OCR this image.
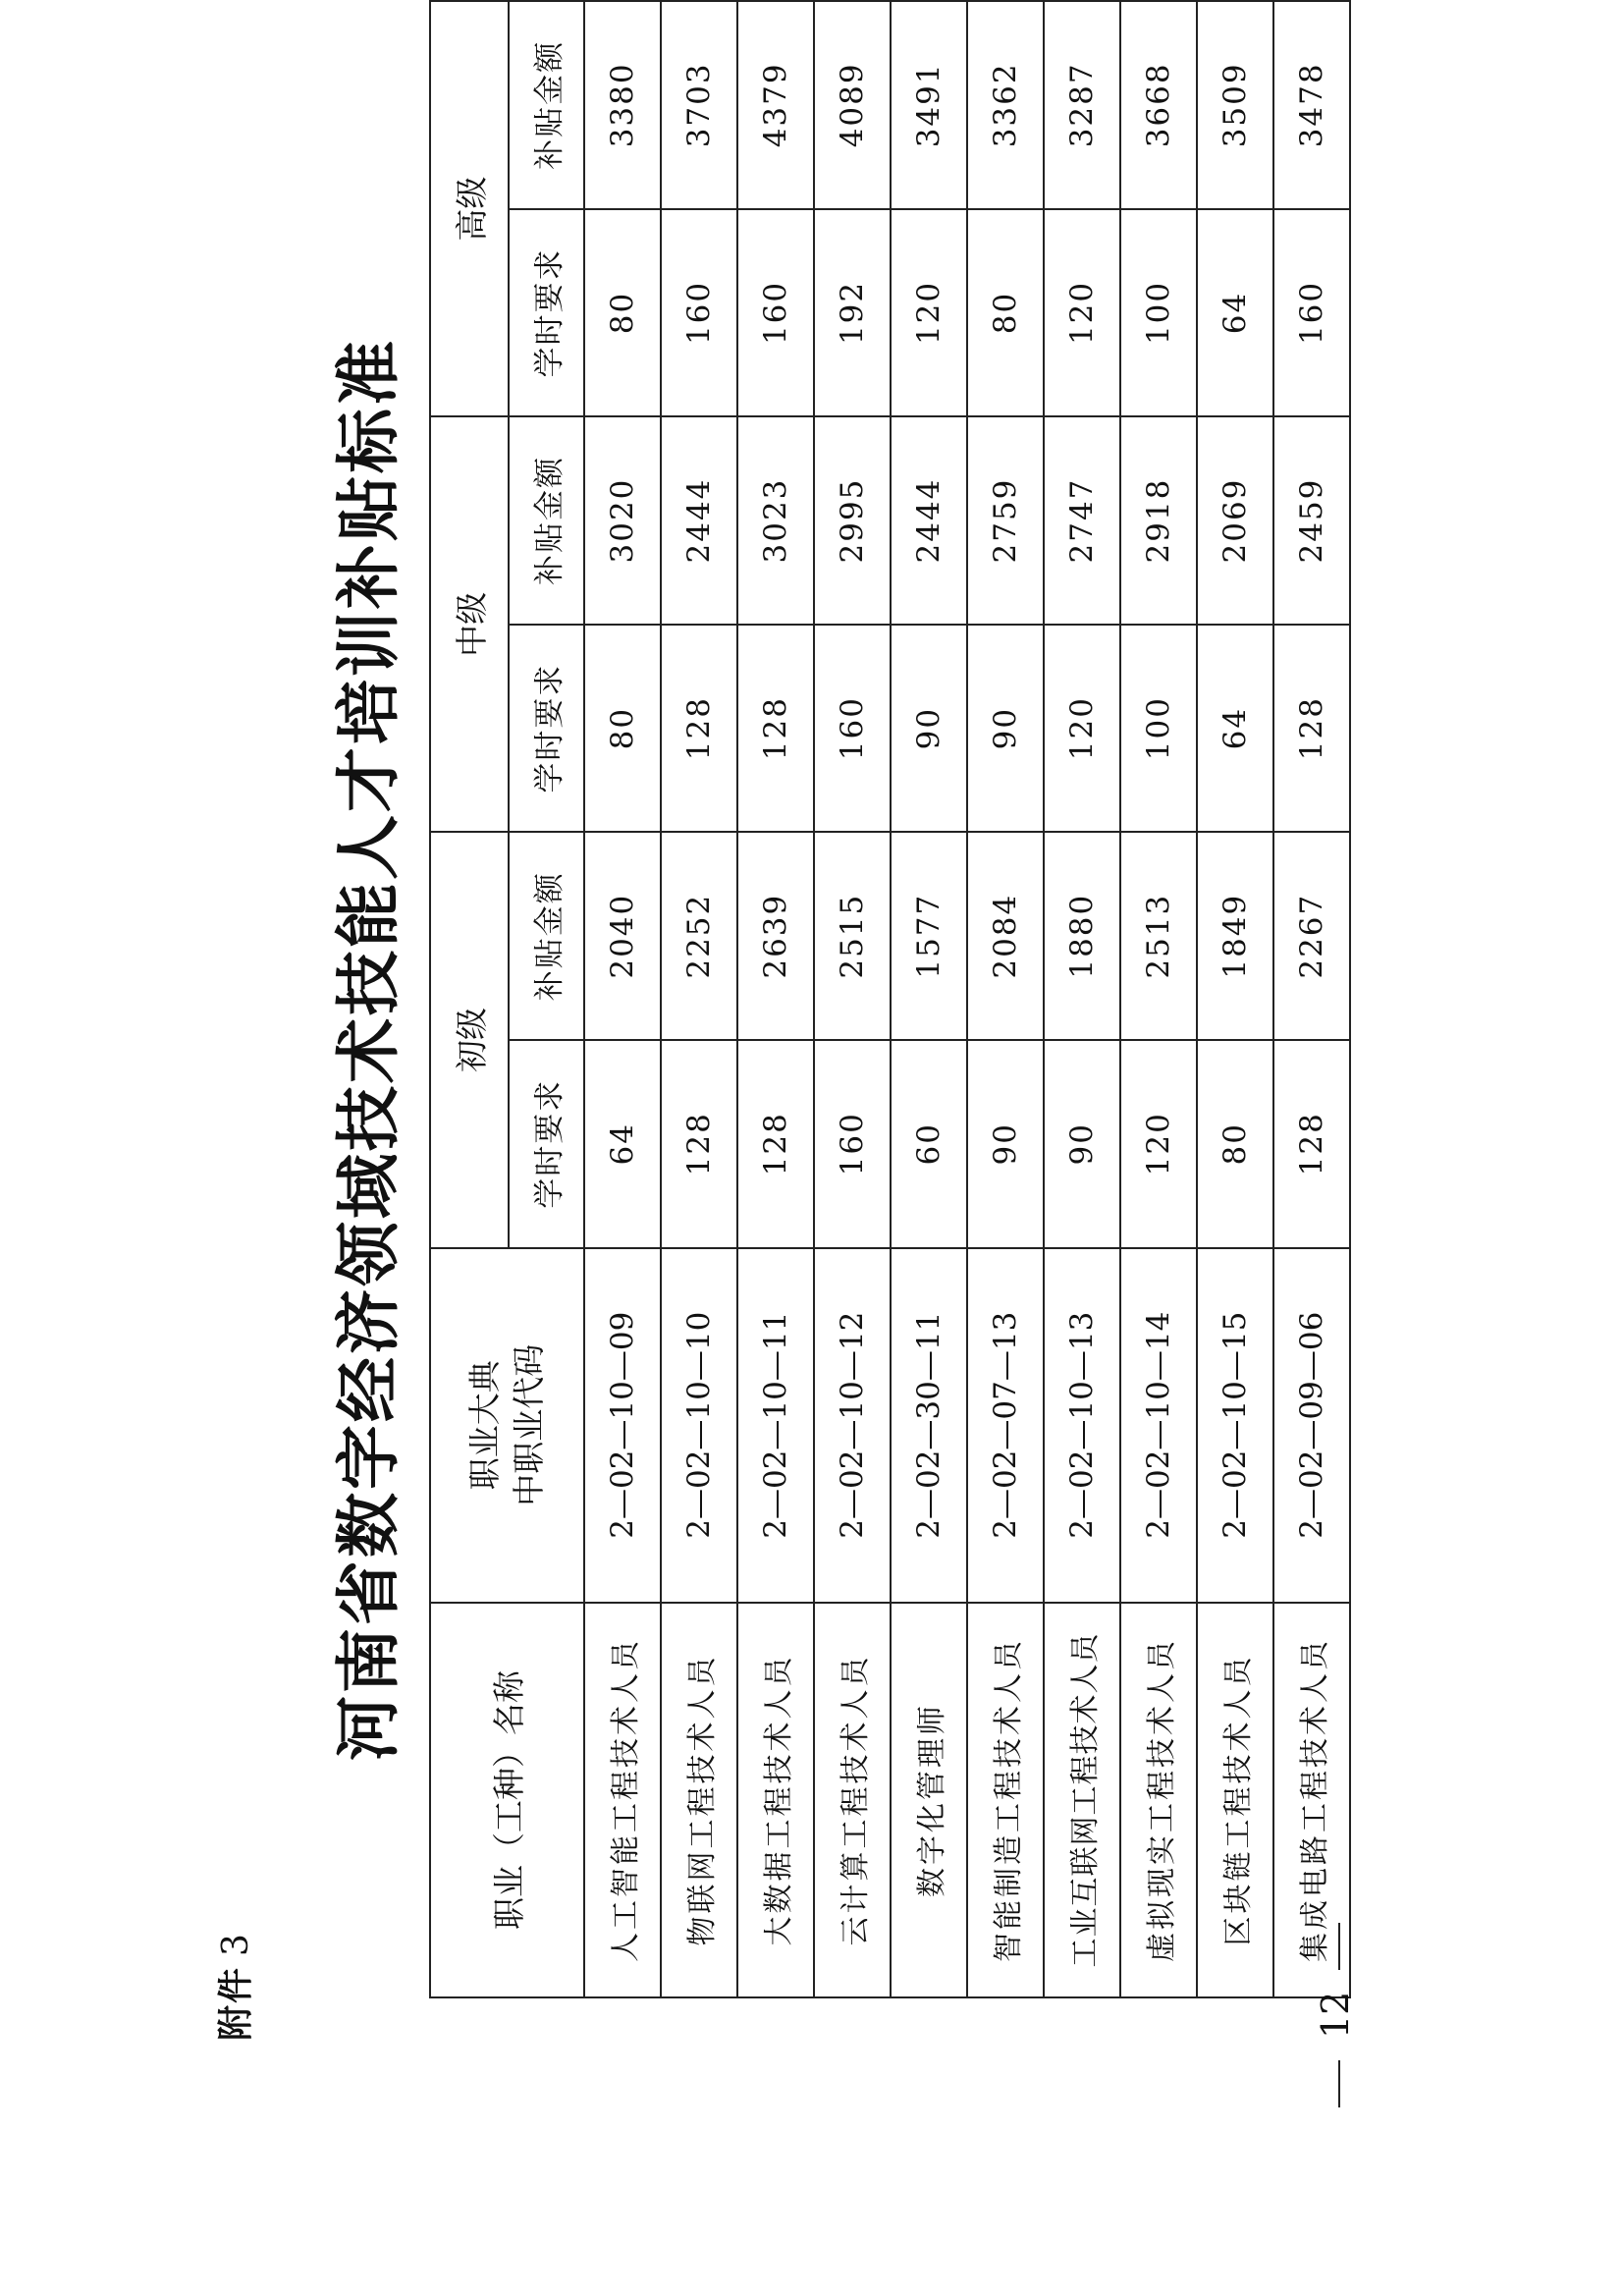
附件3
河南省数字经济领域技术技能人才培训补贴标准
职业（工种）名称	职业大典 中职业代码	初级		中级		高级	
		学时要求	补贴金额	学时要求	补贴金额	学时要求	补贴金额
人工智能工程技术人员	2—02—10—09	64	2040	80	3020	80	3380
物联网工程技术人员	2—02—10—10	128	2252	128	2444	160	3703
大数据工程技术人员	2—02—10—11	128	2639	128	3023	160	4379
云计算工程技术人员	2—02—10—12	160	2515	160	2995	192	4089
数字化管理师	2—02—30—11	60	1577	90	2444	120	3491
智能制造工程技术人员	2—02—07—13	90	2084	90	2759	80	3362
工业互联网工程技术人员	2—02—10—13	90	1880	120	2747	120	3287
虚拟现实工程技术人员	2—02—10—14	120	2513	100	2918	100	3668
区块链工程技术人员	2—02—10—15	80	1849	64	2069	64	3509
集成电路工程技术人员	2—02—09—06	128	2267	128	2459	160	3478
12
